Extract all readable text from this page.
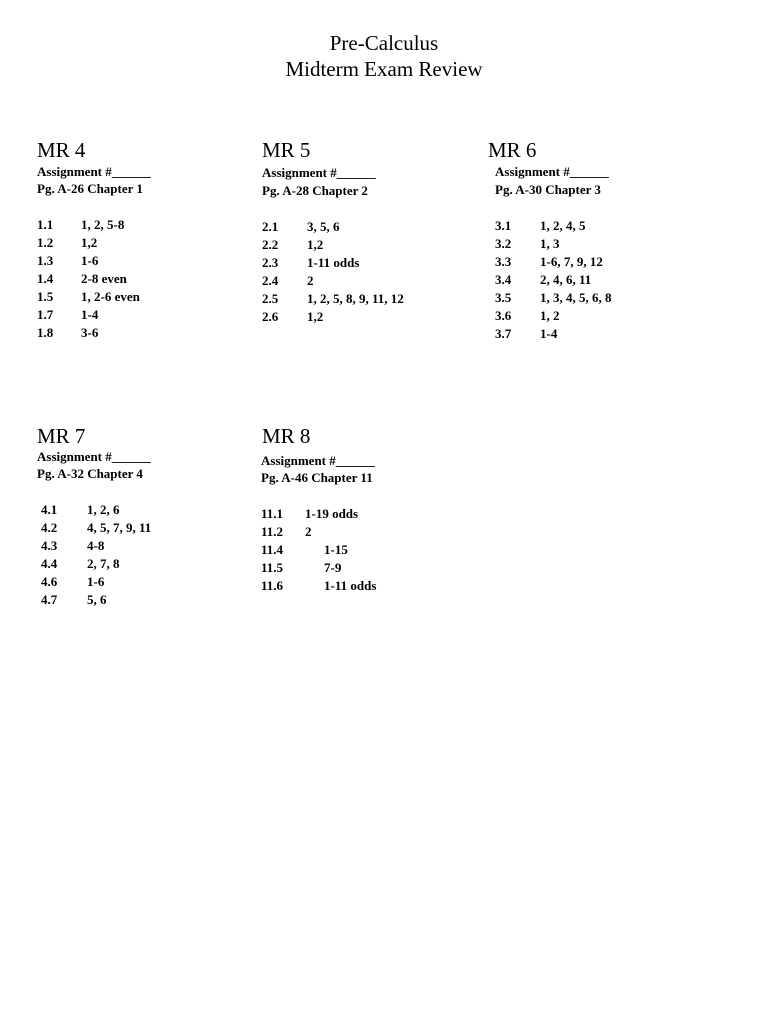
Pre-Calculus
Midterm Exam Review
MR 4
Assignment #______
Pg. A-26 Chapter 1
1.1 1, 2, 5-8
1.2 1,2
1.3 1-6
1.4 2-8 even
1.5 1, 2-6 even
1.7 1-4
1.8 3-6
MR 5
Assignment #______
Pg. A-28 Chapter 2
2.1 3, 5, 6
2.2 1,2
2.3 1-11 odds
2.4 2
2.5 1, 2, 5, 8, 9, 11, 12
2.6 1,2
MR 6
Assignment #______
Pg. A-30 Chapter 3
3.1 1, 2, 4, 5
3.2 1, 3
3.3 1-6, 7, 9, 12
3.4 2, 4, 6, 11
3.5 1, 3, 4, 5, 6, 8
3.6 1, 2
3.7 1-4
MR 7
Assignment #______
Pg. A-32 Chapter 4
4.1 1, 2, 6
4.2 4, 5, 7, 9, 11
4.3 4-8
4.4 2, 7, 8
4.6 1-6
4.7 5, 6
MR 8
Assignment #______
Pg. A-46 Chapter 11
11.1 1-19 odds
11.2 2
11.4	1-15
11.5	7-9
11.6	1-11 odds
